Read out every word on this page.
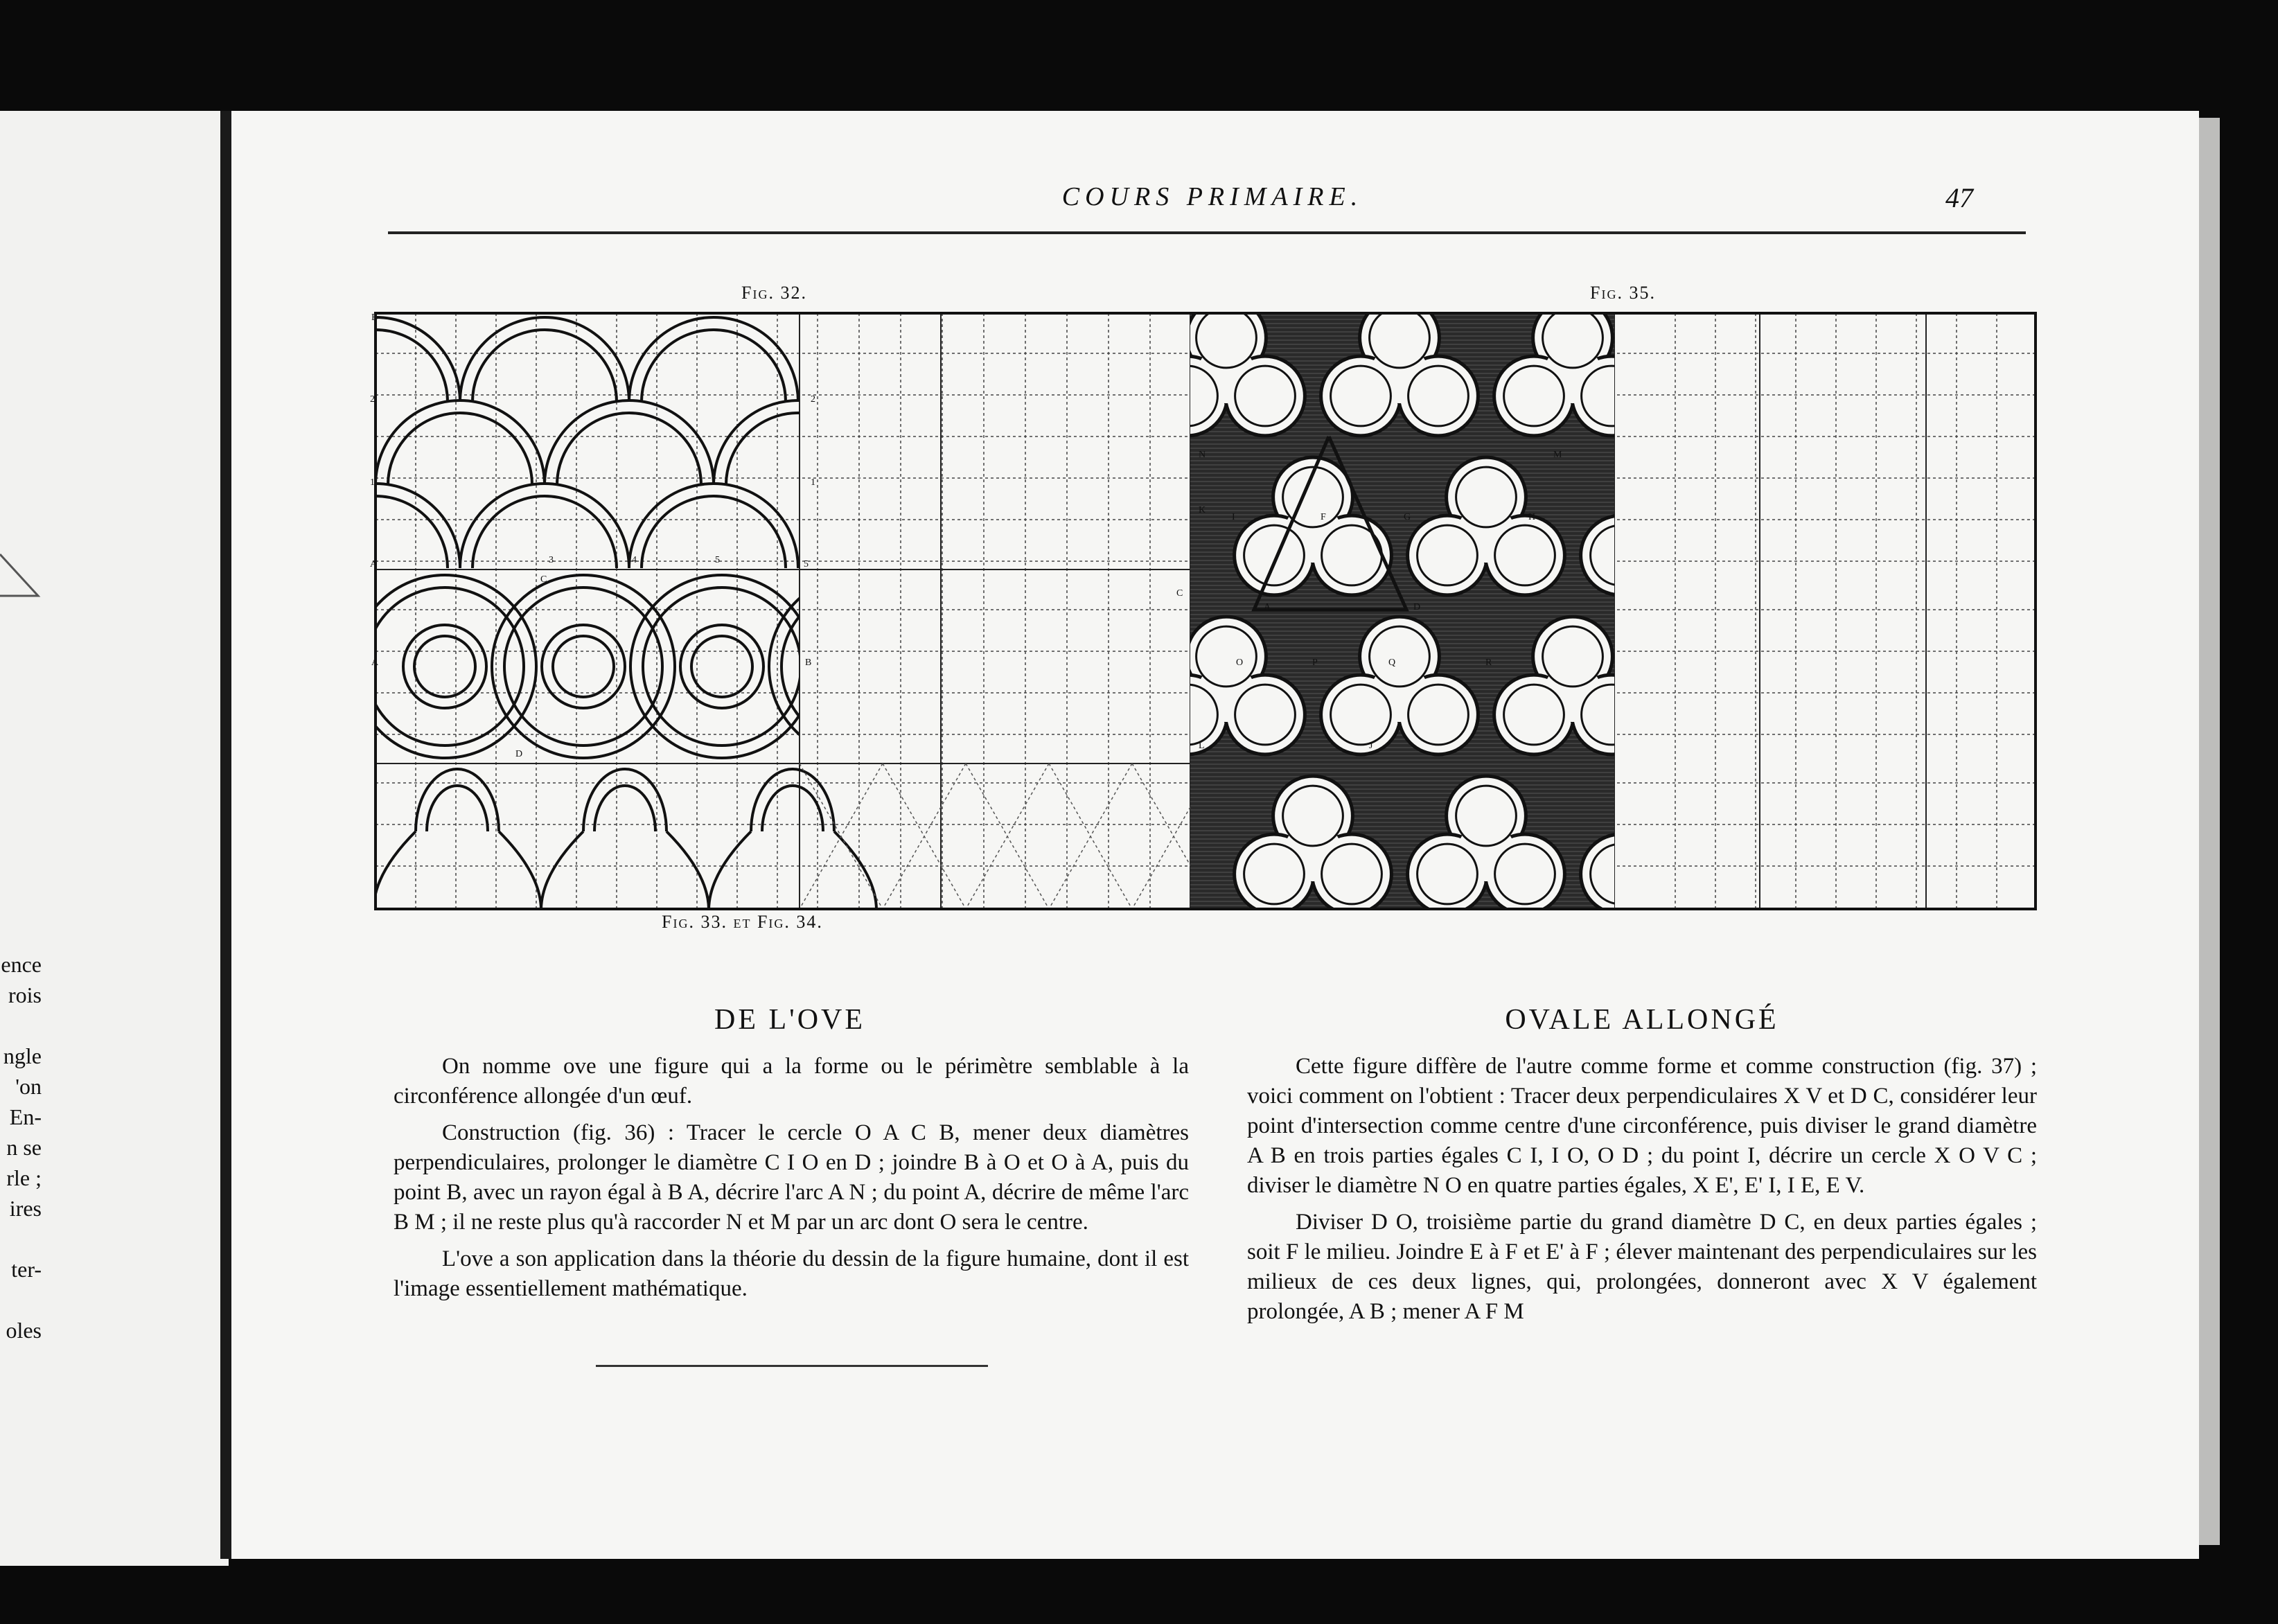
ence
rois
ngle
'on
En-
n se
rle ;
ires
ter-
oles
COURS PRIMAIRE.	47
Fig. 32.	Fig. 35.
Fig. 33. et Fig. 34.
B
2'
1'
A
2
1
3	4	5	5
C
A	B
D
C
N
K
I	F	G	H
M
A	D
O	P	Q	R
L	J
DE L'OVE

On nomme ove une figure qui a la forme ou le périmètre semblable à la circonférence allongée d'un œuf.

Construction (fig. 36) : Tracer le cercle O A C B, mener deux diamètres perpendiculaires, prolonger le diamètre C I O en D ; joindre B à O et O à A, puis du point B, avec un rayon égal à B A, décrire l'arc A N ; du point A, décrire de même l'arc B M ; il ne reste plus qu'à raccorder N et M par un arc dont O sera le centre.

L'ove a son application dans la théorie du dessin de la figure humaine, dont il est l'image essentiellement mathématique.

OVALE ALLONGÉ

Cette figure diffère de l'autre comme forme et comme construction (fig. 37) ; voici comment on l'obtient : Tracer deux perpendiculaires X V et D C, considérer leur point d'intersection comme centre d'une circonférence, puis diviser le grand diamètre A B en trois parties égales C I, I O, O D ; du point I, décrire un cercle X O V C ; diviser le diamètre N O en quatre parties égales, X E', E' I, I E, E V.

Diviser D O, troisième partie du grand diamètre D C, en deux parties égales ; soit F le milieu. Joindre E à F et E' à F ; élever maintenant des perpendiculaires sur les milieux de ces deux lignes, qui, prolongées, donneront avec X V également prolongée, A B ; mener A F M
